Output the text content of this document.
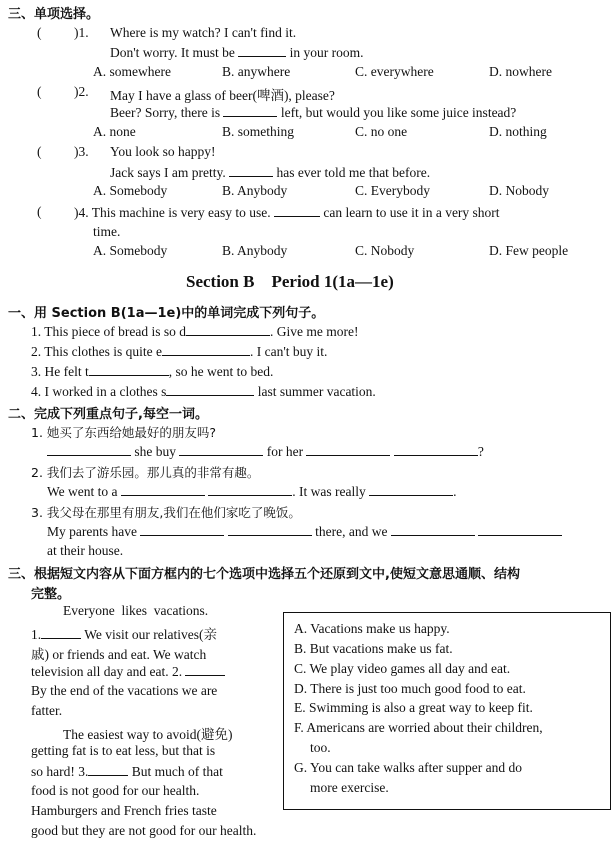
三、单项选择。
( )1. Where is my watch? I can't find it.
Don't worry. It must be	in your room.
A. somewhere	B. anywhere	C. everywhere	D. nowhere
( )2. May I have a glass of beer(啤酒), please?
Beer? Sorry, there is	left, but would you like some juice instead?
A. none	B. something	C. no one	D. nothing
( )3. You look so happy!
Jack says I am pretty.	has ever told me that before.
A. Somebody	B. Anybody	C. Everybody	D. Nobody
( )4. This machine is very easy to use.	can learn to use it in a very short
time.
A. Somebody	B. Anybody	C. Nobody	D. Few people
Section B    Period 1(1a—1e)
一、用 Section B(1a—1e)中的单词完成下列句子。
1. This piece of bread is so d	. Give me more!
2. This clothes is quite e	. I can't buy it.
3. He felt t	, so he went to bed.
4. I worked in a clothes s	last summer vacation.
二、完成下列重点句子,每空一词。
1. 她买了东西给她最好的朋友吗?
she buy	for her	?
2. 我们去了游乐园。那儿真的非常有趣。
We went to a	. It was really	.
3. 我父母在那里有朋友,我们在他们家吃了晚饭。
My parents have	there, and we
at their house.
三、根据短文内容从下面方框内的七个选项中选择五个还原到文中,使短文意思通顺、结构
完整。
Everyone  likes  vacations.
1.	We visit our relatives(亲
戚) or friends and eat. We watch
television all day and eat. 2.
By the end of the vacations we are
fatter.
The easiest way to avoid(避免)
getting fat is to eat less, but that is
so hard! 3.	But much of that
food is not good for our health.
Hamburgers and French fries taste
good but they are not good for our health.
A. Vacations make us happy.
B. But vacations make us fat.
C. We play video games all day and eat.
D. There is just too much good food to eat.
E. Swimming is also a great way to keep fit.
F. Americans are worried about their children,
too.
G. You can take walks after supper and do
more exercise.
